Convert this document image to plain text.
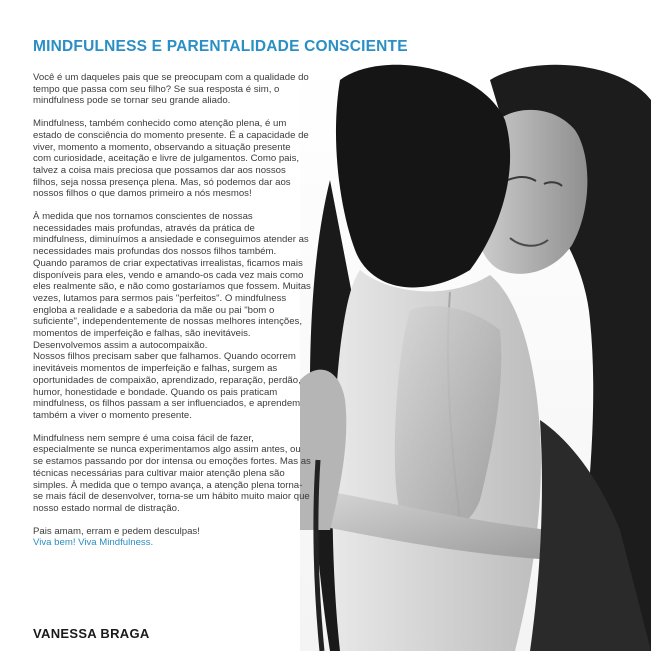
MINDFULNESS E PARENTALIDADE CONSCIENTE

Você é um daqueles pais que se preocupam com a qualidade do tempo que passa com seu filho? Se sua resposta é sim, o mindfulness pode se tornar seu grande aliado.

Mindfulness, também conhecido como atenção plena, é um estado de consciência do momento presente. É a capacidade de viver, momento a momento, observando a situação presente com curiosidade, aceitação e livre de julgamentos. Como pais, talvez a coisa mais preciosa que possamos dar aos nossos filhos, seja nossa presença plena. Mas, só podemos dar aos nossos filhos o que damos primeiro a nós mesmos!

À medida que nos tornamos conscientes de nossas necessidades mais profundas, através da prática de mindfulness, diminuímos a ansiedade e conseguimos atender as necessidades mais profundas dos nossos filhos também. Quando paramos de criar expectativas irrealistas, ficamos mais disponíveis para eles, vendo e amando-os cada vez mais como eles realmente são, e não como gostaríamos que fossem. Muitas vezes, lutamos para sermos pais "perfeitos". O mindfulness engloba a realidade e a sabedoria da mãe ou pai "bom o suficiente", independentemente de nossas melhores intenções, momentos de imperfeição e falhas, são inevitáveis. Desenvolvemos assim a autocompaixão.

Nossos filhos precisam saber que falhamos. Quando ocorrem inevitáveis momentos de imperfeição e falhas, surgem as oportunidades de compaixão, aprendizado, reparação, perdão, humor, honestidade e bondade. Quando os pais praticam mindfulness, os filhos passam a ser influenciados, e aprendem também a viver o momento presente.

Mindfulness nem sempre é uma coisa fácil de fazer, especialmente se nunca experimentamos algo assim antes, ou se estamos passando por dor intensa ou emoções fortes. Mas as técnicas necessárias para cultivar maior atenção plena são simples. À medida que o tempo avança, a atenção plena torna-se mais fácil de desenvolver, torna-se um hábito muito maior que nosso estado normal de distração.

Pais amam, erram e pedem desculpas!
Viva bem! Viva Mindfulness.

VANESSA BRAGA
